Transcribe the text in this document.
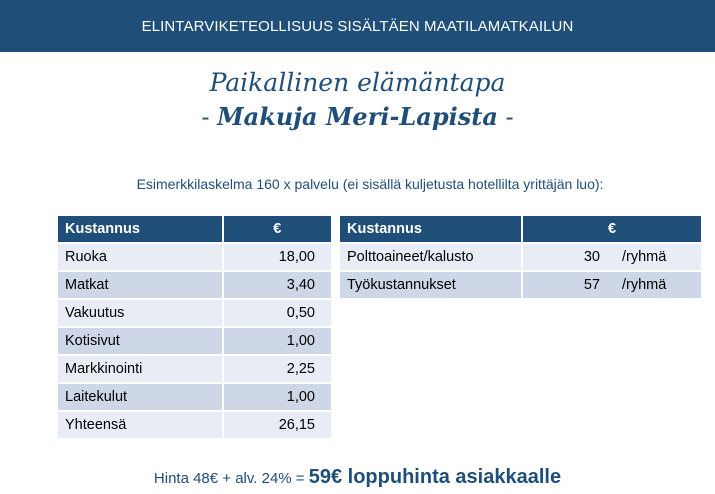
ELINTARVIKETEOLLISUUS SISÄLTÄEN MAATILAMATKAILUN
Paikallinen elämäntapa
- Makuja Meri-Lapista -
Esimerkkilaskelma 160 x palvelu (ei sisällä kuljetusta hotellilta yrittäjän luo):
Kustannus	€
Ruoka	18,00
Matkat	3,40
Vakuutus	0,50
Kotisivut	1,00
Markkinointi	2,25
Laitekulut	1,00
Yhteensä	26,15
Kustannus	€
Polttoaineet/kalusto	30 /ryhmä
Työkustannukset	57 /ryhmä
Hinta 48€ + alv. 24% = 59€ loppuhinta asiakkaalle
